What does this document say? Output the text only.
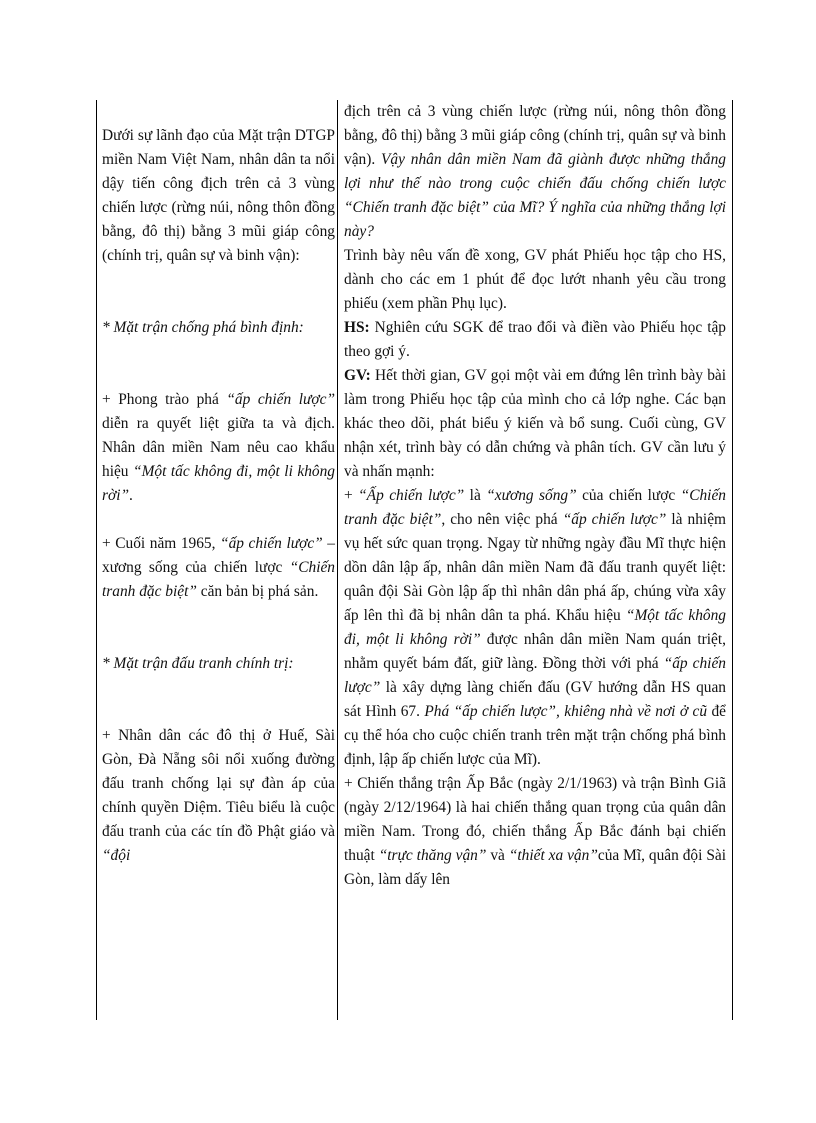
Dưới sự lãnh đạo của Mặt trận DTGP miền Nam Việt Nam, nhân dân ta nổi dậy tiến công địch trên cả 3 vùng chiến lược (rừng núi, nông thôn đồng bằng, đô thị) bằng 3 mũi giáp công (chính trị, quân sự và binh vận):

* Mặt trận chống phá bình định:

+ Phong trào phá “ấp chiến lược” diễn ra quyết liệt giữa ta và địch. Nhân dân miền Nam nêu cao khẩu hiệu “Một tấc không đi, một li không rời”.

+ Cuối năm 1965, “ấp chiến lược” – xương sống của chiến lược “Chiến tranh đặc biệt” căn bản bị phá sản.

* Mặt trận đấu tranh chính trị:

+ Nhân dân các đô thị ở Huế, Sài Gòn, Đà Nẵng sôi nổi xuống đường đấu tranh chống lại sự đàn áp của chính quyền Diệm. Tiêu biểu là cuộc đấu tranh của các tín đồ Phật giáo và “đội

địch trên cả 3 vùng chiến lược (rừng núi, nông thôn đồng bằng, đô thị) bằng 3 mũi giáp công (chính trị, quân sự và binh vận). Vậy nhân dân miền Nam đã giành được những thắng lợi như thế nào trong cuộc chiến đấu chống chiến lược “Chiến tranh đặc biệt” của Mĩ? Ý nghĩa của những thắng lợi này?

Trình bày nêu vấn đề xong, GV phát Phiếu học tập cho HS, dành cho các em 1 phút để đọc lướt nhanh yêu cầu trong phiếu (xem phần Phụ lục).

HS: Nghiên cứu SGK để trao đổi và điền vào Phiếu học tập theo gợi ý.

GV: Hết thời gian, GV gọi một vài em đứng lên trình bày bài làm trong Phiếu học tập của mình cho cả lớp nghe. Các bạn khác theo dõi, phát biểu ý kiến và bổ sung. Cuối cùng, GV nhận xét, trình bày có dẫn chứng và phân tích. GV cần lưu ý và nhấn mạnh:

+ “Ấp chiến lược” là “xương sống” của chiến lược “Chiến tranh đặc biệt”, cho nên việc phá “ấp chiến lược” là nhiệm vụ hết sức quan trọng. Ngay từ những ngày đầu Mĩ thực hiện dồn dân lập ấp, nhân dân miền Nam đã đấu tranh quyết liệt: quân đội Sài Gòn lập ấp thì nhân dân phá ấp, chúng vừa xây ấp lên thì đã bị nhân dân ta phá. Khẩu hiệu “Một tấc không đi, một li không rời” được nhân dân miền Nam quán triệt, nhằm quyết bám đất, giữ làng. Đồng thời với phá “ấp chiến lược” là xây dựng làng chiến đấu (GV hướng dẫn HS quan sát Hình 67. Phá “ấp chiến lược”, khiêng nhà về nơi ở cũ để cụ thể hóa cho cuộc chiến tranh trên mặt trận chống phá bình định, lập ấp chiến lược của Mĩ).

+ Chiến thắng trận Ấp Bắc (ngày 2/1/1963) và trận Bình Giã (ngày 2/12/1964) là hai chiến thắng quan trọng của quân dân miền Nam. Trong đó, chiến thắng Ấp Bắc đánh bại chiến thuật “trực thăng vận” và “thiết xa vận”của Mĩ, quân đội Sài Gòn, làm dấy lên
